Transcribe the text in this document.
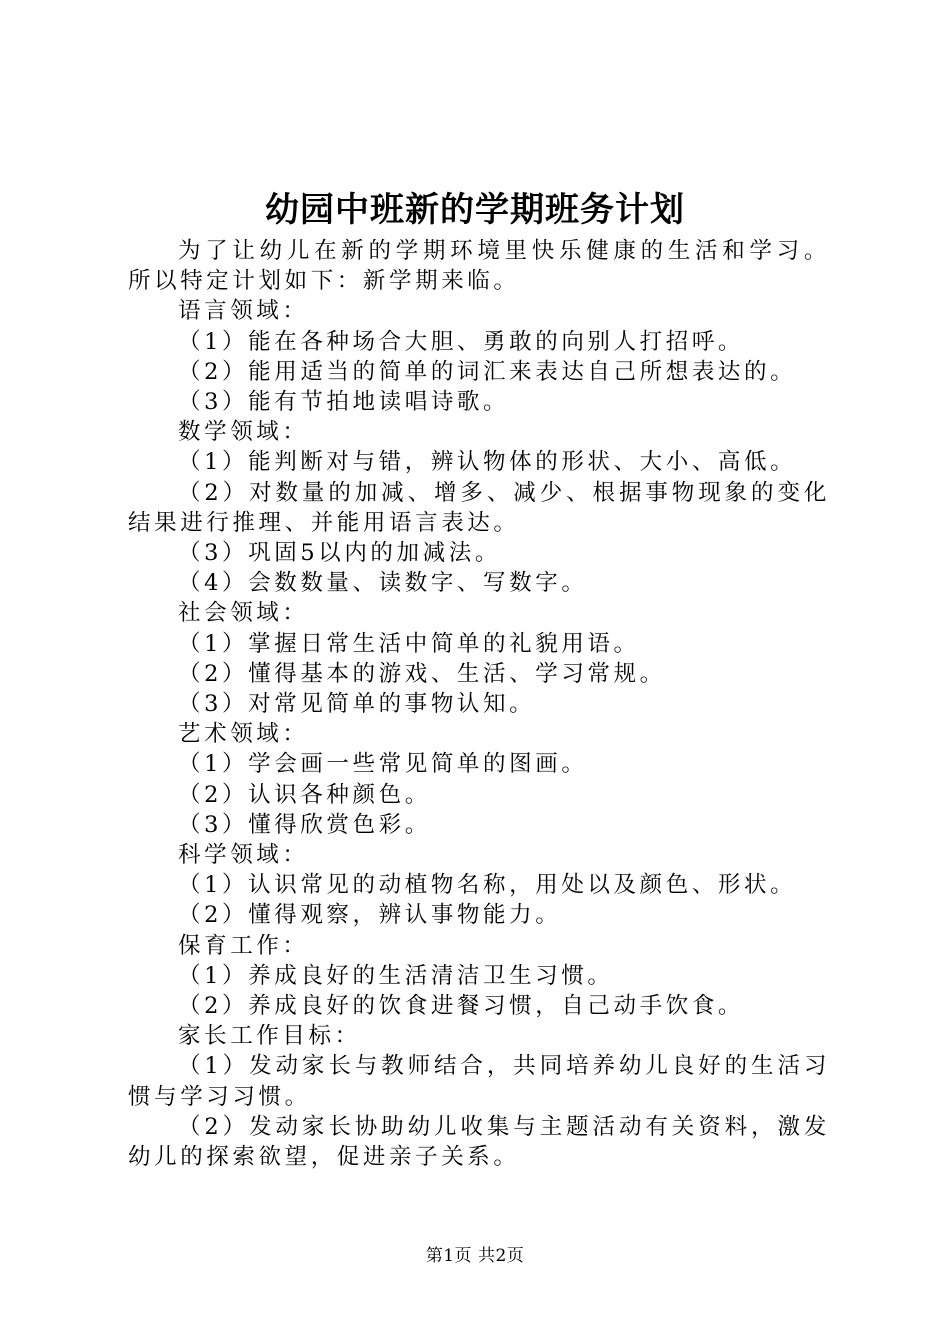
幼园中班新的学期班务计划

为了让幼儿在新的学期环境里快乐健康的生活和学习。所以特定计划如下：新学期来临。

语言领域：
（1）能在各种场合大胆、勇敢的向别人打招呼。
（2）能用适当的简单的词汇来表达自己所想表达的。
（3）能有节拍地读唱诗歌。
数学领域：
（1）能判断对与错，辨认物体的形状、大小、高低。

（2）对数量的加减、增多、减少、根据事物现象的变化结果进行推理、并能用语言表达。

（3）巩固5以内的加减法。
（4）会数数量、读数字、写数字。
社会领域：
（1）掌握日常生活中简单的礼貌用语。
（2）懂得基本的游戏、生活、学习常规。
（3）对常见简单的事物认知。
艺术领域：
（1）学会画一些常见简单的图画。
（2）认识各种颜色。
（3）懂得欣赏色彩。
科学领域：
（1）认识常见的动植物名称，用处以及颜色、形状。
（2）懂得观察，辨认事物能力。
保育工作：
（1）养成良好的生活清洁卫生习惯。
（2）养成良好的饮食进餐习惯，自己动手饮食。
家长工作目标：

（1）发动家长与教师结合，共同培养幼儿良好的生活习惯与学习习惯。

（2）发动家长协助幼儿收集与主题活动有关资料，激发幼儿的探索欲望，促进亲子关系。

第1页 共2页
